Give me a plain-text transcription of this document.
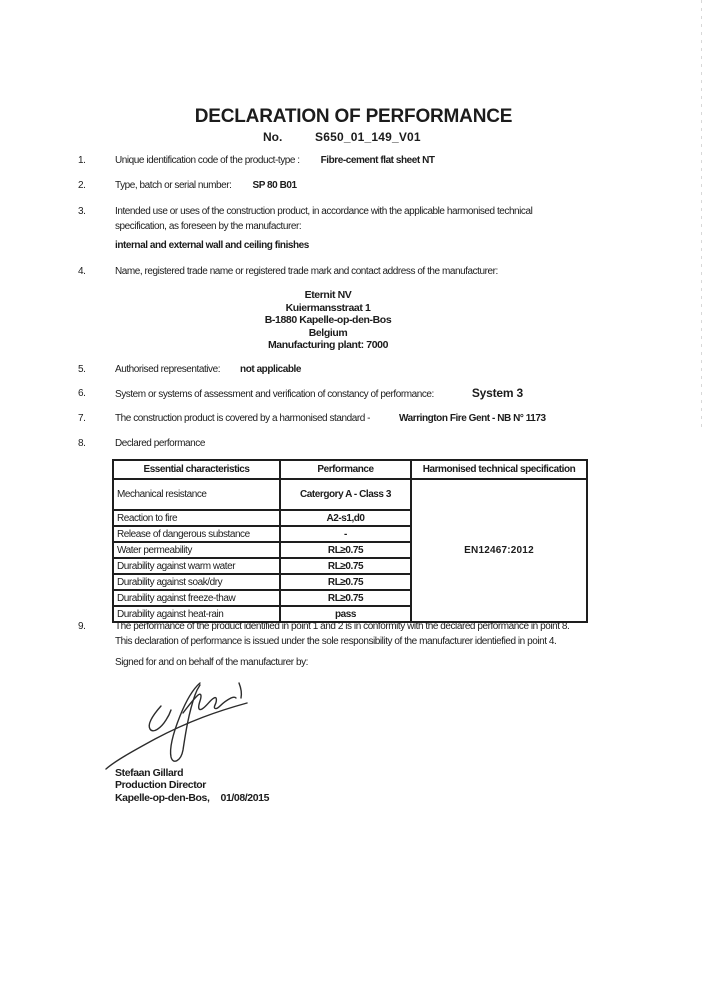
DECLARATION OF PERFORMANCE
No.	S650_01_149_V01
1.	Unique identification code of the product-type : Fibre-cement flat sheet NT
2.	Type, batch or serial number: SP 80 B01
3.	Intended use or uses of the construction product, in accordance with the applicable harmonised technical
specification, as foreseen by the manufacturer:
internal and external wall and ceiling finishes
4.	Name, registered trade name or registered trade mark and contact address of the manufacturer:
Eternit NV
Kuiermansstraat 1
B-1880 Kapelle-op-den-Bos
Belgium
Manufacturing plant: 7000
5.	Authorised representative: not applicable
6.	System or systems of assessment and verification of constancy of performance:	System 3
7.	The construction product is covered by a harmonised standard -	Warrington Fire Gent - NB N° 1173
8.	Declared performance
Essential characteristics	Performance	Harmonised technical specification
Mechanical resistance	Catergory A - Class 3	EN12467:2012
Reaction to fire	A2-s1,d0	
Release of dangerous substance	-	
Water permeability	RL≥0.75	
Durability against warm water	RL≥0.75	
Durability against soak/dry	RL≥0.75	
Durability against freeze-thaw	RL≥0.75	
Durability against heat-rain	pass	
9.	The performance of the product identified in point 1 and 2 is in conformity with the declared performance in point 8.
This declaration of performance is issued under the sole responsibility of the manufacturer identiefied in point 4.
Signed for and on behalf of the manufacturer by:
Stefaan Gillard
Production Director
Kapelle-op-den-Bos, 01/08/2015
